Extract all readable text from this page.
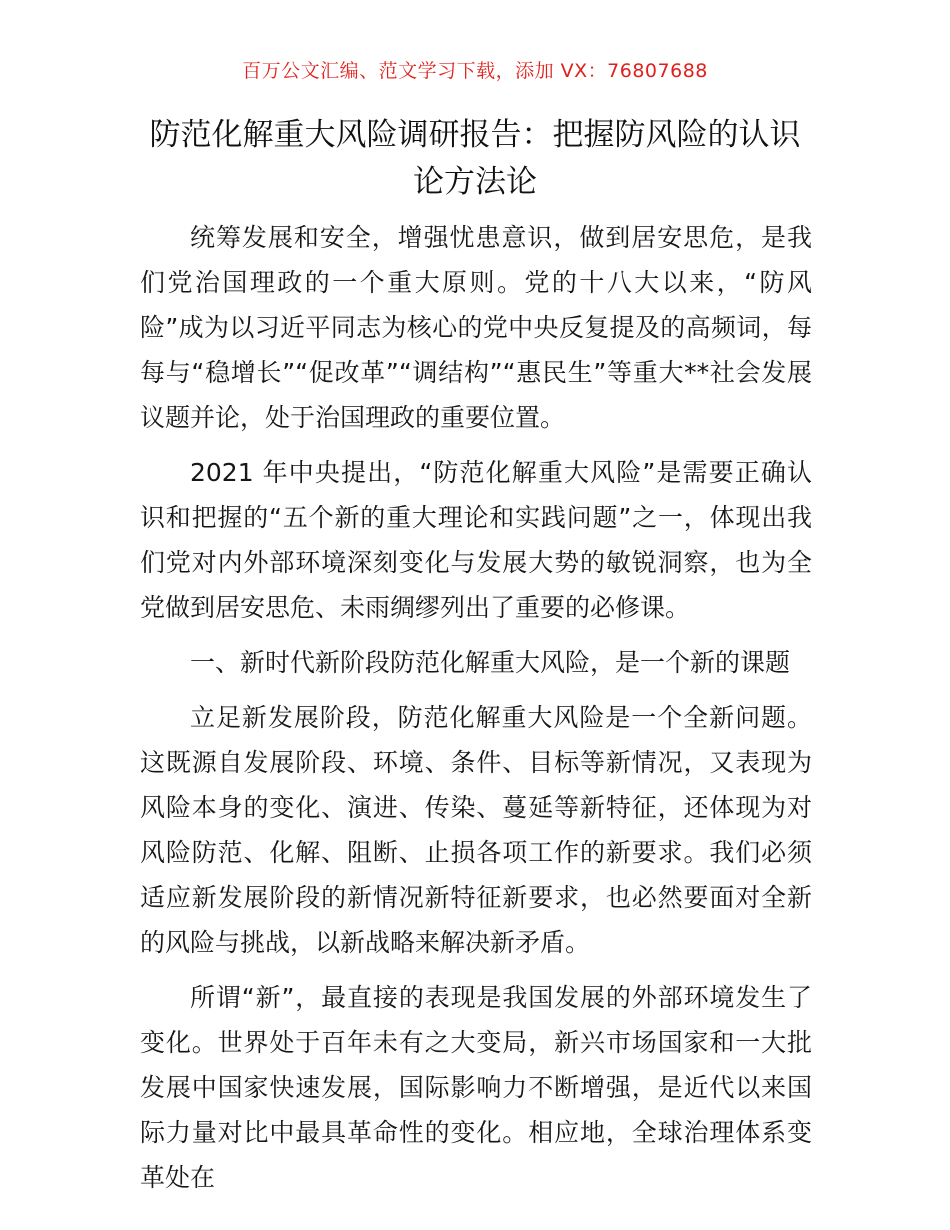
百万公文汇编、范文学习下载，添加 VX：76807688
防范化解重大风险调研报告：把握防风险的认识论方法论

统筹发展和安全，增强忧患意识，做到居安思危，是我们党治国理政的一个重大原则。党的十八大以来，“防风险”成为以习近平同志为核心的党中央反复提及的高频词，每每与“稳增长”“促改革”“调结构”“惠民生”等重大**社会发展议题并论，处于治国理政的重要位置。

2021 年中央提出，“防范化解重大风险”是需要正确认识和把握的“五个新的重大理论和实践问题”之一，体现出我们党对内外部环境深刻变化与发展大势的敏锐洞察，也为全党做到居安思危、未雨绸缪列出了重要的必修课。

一、新时代新阶段防范化解重大风险，是一个新的课题

立足新发展阶段，防范化解重大风险是一个全新问题。这既源自发展阶段、环境、条件、目标等新情况，又表现为风险本身的变化、演进、传染、蔓延等新特征，还体现为对风险防范、化解、阻断、止损各项工作的新要求。我们必须适应新发展阶段的新情况新特征新要求，也必然要面对全新的风险与挑战，以新战略来解决新矛盾。

所谓“新”，最直接的表现是我国发展的外部环境发生了变化。世界处于百年未有之大变局，新兴市场国家和一大批发展中国家快速发展，国际影响力不断增强，是近代以来国际力量对比中最具革命性的变化。相应地，全球治理体系变革处在
